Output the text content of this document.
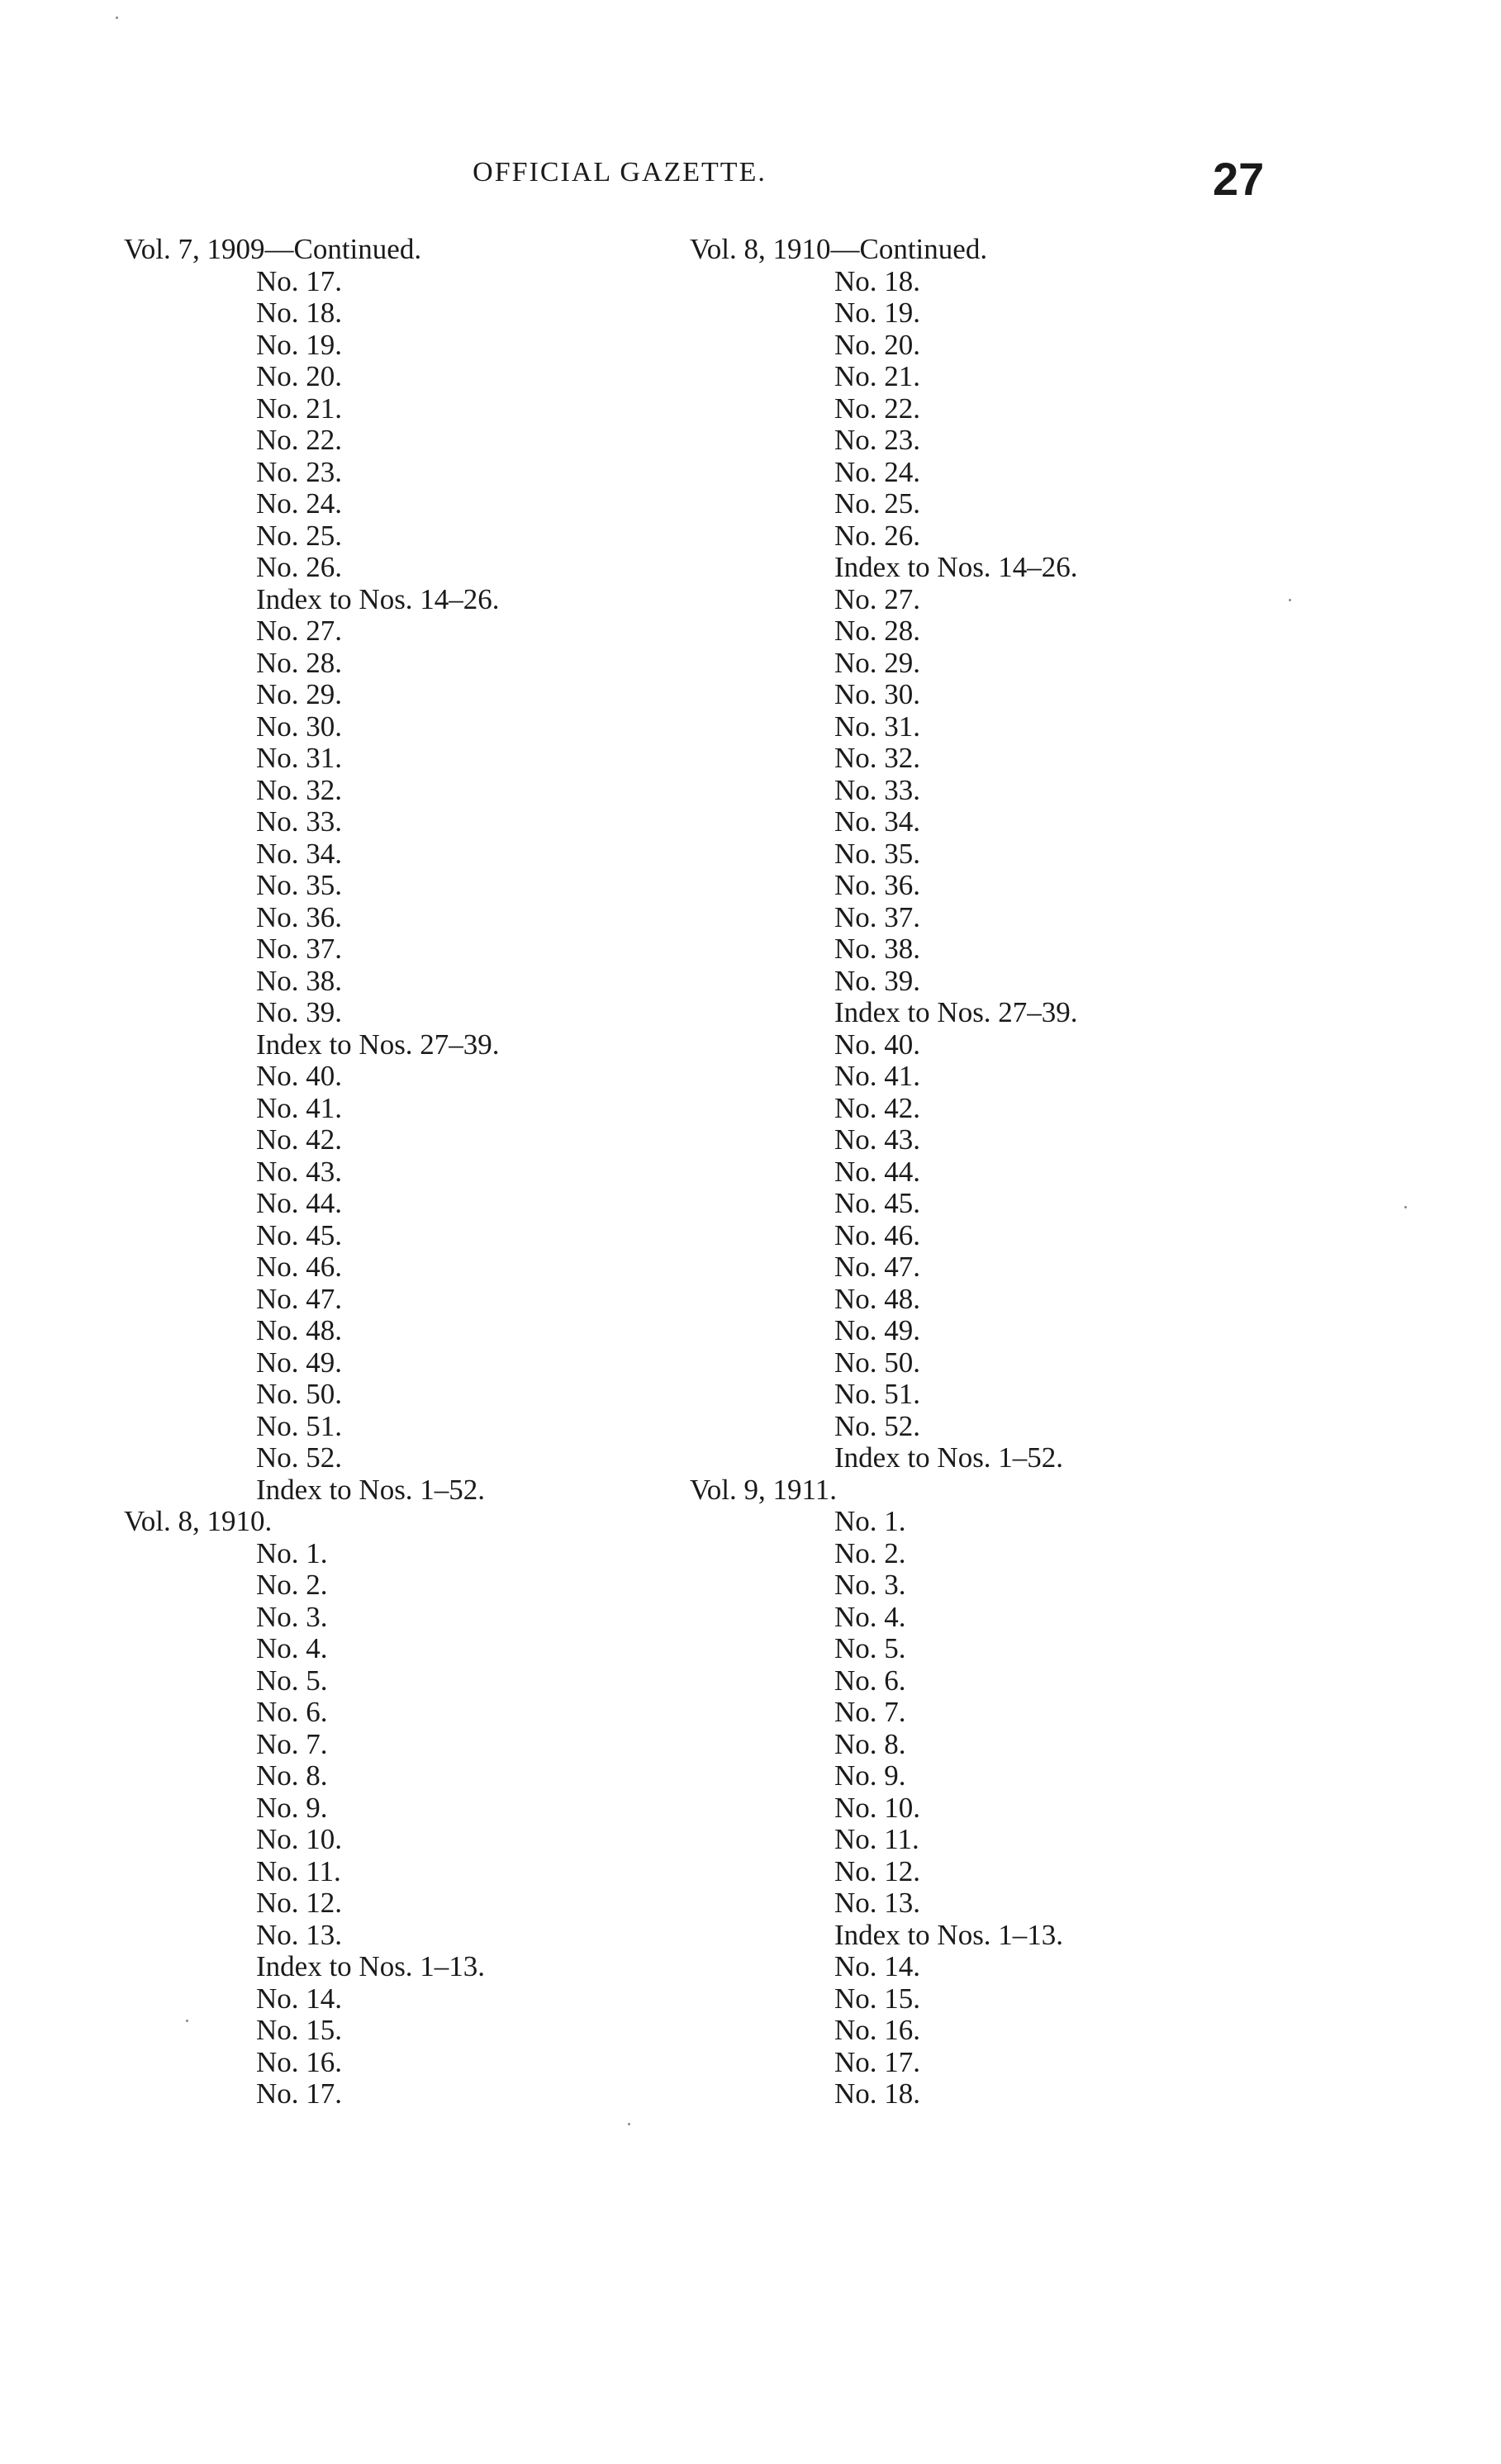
OFFICIAL GAZETTE.	27
Vol. 7, 1909—Continued.
No. 17.
No. 18.
No. 19.
No. 20.
No. 21.
No. 22.
No. 23.
No. 24.
No. 25.
No. 26.
Index to Nos. 14–26.
No. 27.
No. 28.
No. 29.
No. 30.
No. 31.
No. 32.
No. 33.
No. 34.
No. 35.
No. 36.
No. 37.
No. 38.
No. 39.
Index to Nos. 27–39.
No. 40.
No. 41.
No. 42.
No. 43.
No. 44.
No. 45.
No. 46.
No. 47.
No. 48.
No. 49.
No. 50.
No. 51.
No. 52.
Index to Nos. 1–52.
Vol. 8, 1910.
No. 1.
No. 2.
No. 3.
No. 4.
No. 5.
No. 6.
No. 7.
No. 8.
No. 9.
No. 10.
No. 11.
No. 12.
No. 13.
Index to Nos. 1–13.
No. 14.
No. 15.
No. 16.
No. 17.
Vol. 8, 1910—Continued.
No. 18.
No. 19.
No. 20.
No. 21.
No. 22.
No. 23.
No. 24.
No. 25.
No. 26.
Index to Nos. 14–26.
No. 27.
No. 28.
No. 29.
No. 30.
No. 31.
No. 32.
No. 33.
No. 34.
No. 35.
No. 36.
No. 37.
No. 38.
No. 39.
Index to Nos. 27–39.
No. 40.
No. 41.
No. 42.
No. 43.
No. 44.
No. 45.
No. 46.
No. 47.
No. 48.
No. 49.
No. 50.
No. 51.
No. 52.
Index to Nos. 1–52.
Vol. 9, 1911.
No. 1.
No. 2.
No. 3.
No. 4.
No. 5.
No. 6.
No. 7.
No. 8.
No. 9.
No. 10.
No. 11.
No. 12.
No. 13.
Index to Nos. 1–13.
No. 14.
No. 15.
No. 16.
No. 17.
No. 18.
